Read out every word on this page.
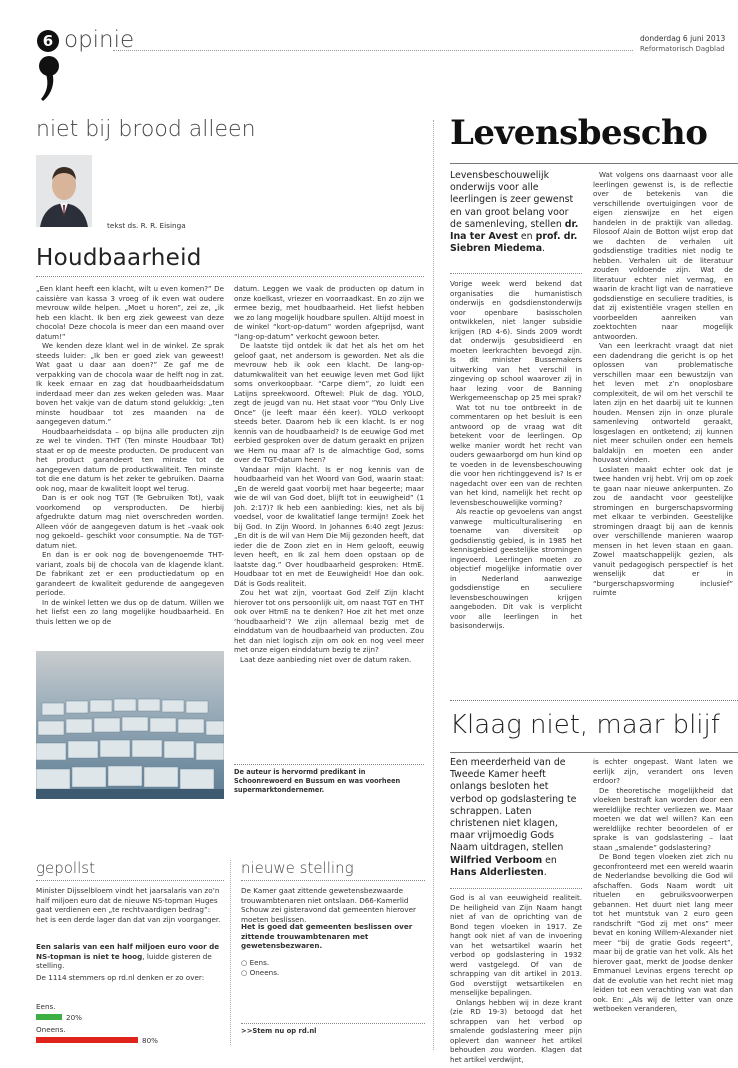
6 opinie	donderdag 6 juni 2013
Reformatorisch Dagblad
niet bij brood alleen
tekst ds. R. R. Eisinga
Houdbaarheid

„Een klant heeft een klacht, wilt u even komen?” De caissière van kassa 3 vroeg of ik even wat oudere mevrouw wilde helpen. „Moet u horen”, zei ze, „ik heb een klacht. Ik ben erg ziek geweest van deze chocola! Deze chocola is meer dan een maand over datum!”

We kenden deze klant wel in de winkel. Ze sprak steeds luider: „Ik ben er goed ziek van geweest! Wat gaat u daar aan doen?” Ze gaf me de verpakking van de chocola waar de helft nog in zat. Ik keek ernaar en zag dat houdbaarheidsdatum inderdaad meer dan zes weken geleden was. Maar boven het vakje van de datum stond gelukkig: „ten minste houdbaar tot zes maanden na de aangegeven datum.”

Houdbaarheidsdata – op bijna alle producten zijn ze wel te vinden. THT (Ten minste Houdbaar Tot) staat er op de meeste producten. De producent van het product garandeert ten minste tot de aangegeven datum de productkwaliteit. Ten minste tot die ene datum is het zeker te gebruiken. Daarna ook nog, maar de kwaliteit loopt wel terug.

Dan is er ook nog TGT (Te Gebruiken Tot), vaak voorkomend op versproducten. De hierbij afgedrukte datum mag niet overschreden worden. Alleen vóór de aangegeven datum is het –vaak ook nog gekoeld– geschikt voor consumptie. Na de TGT-datum niet.

En dan is er ook nog de bovengenoemde THT-variant, zoals bij de chocola van de klagende klant. De fabrikant zet er een productiedatum op en garandeert de kwaliteit gedurende de aangegeven periode.

In de winkel letten we dus op de datum. Willen we het liefst een zo lang mogelijke houdbaarheid. En thuis letten we op de

datum. Leggen we vaak de producten op datum in onze koelkast, vriezer en voorraadkast. En zo zijn we ermee bezig, met houdbaarheid. Het liefst hebben we zo lang mogelijk houdbare spullen. Altijd moest in de winkel “kort-op-datum” worden afgeprijsd, want “lang-op-datum” verkocht gewoon beter.

De laatste tijd ontdek ik dat het als het om het geloof gaat, net andersom is geworden. Net als die mevrouw heb ik ook een klacht. De lang-op-datumkwaliteit van het eeuwige leven met God lijkt soms onverkoopbaar. “Carpe diem”, zo luidt een Latijns spreekwoord. Oftewel: Pluk de dag. YOLO, zegt de jeugd van nu. Het staat voor “You Only Live Once” (je leeft maar één keer). YOLO verkoopt steeds beter. Daarom heb ik een klacht. Is er nog kennis van de houdbaarheid? Is de eeuwige God met eerbied gesproken over de datum geraakt en prijzen we Hem nu maar af? Is de almachtige God, soms over de TGT-datum heen?

Vandaar mijn klacht. Is er nog kennis van de houdbaarheid van het Woord van God, waarin staat: „En de wereld gaat voorbij met haar begeerte; maar wie de wil van God doet, blijft tot in eeuwigheid” (1 Joh. 2:17)? Ik heb een aanbieding: kies, net als bij voedsel, voor de kwalitatief lange termijn! Zoek het bij God. In Zijn Woord. In Johannes 6:40 zegt Jezus: „En dit is de wil van Hem Die Mij gezonden heeft, dat ieder die de Zoon ziet en in Hem gelooft, eeuwig leven heeft, en Ik zal hem doen opstaan op de laatste dag.” Over houdbaarheid gesproken: HtmE. Houdbaar tot en met de Eeuwigheid! Hoe dan ook. Dát is Gods realiteit.

Zou het wat zijn, voortaat God Zelf Zijn klacht hierover tot ons persoonlijk uit, om naast TGT en THT ook over HtmE na te denken? Hoe zit het met onze ‘houdbaarheid’? We zijn allemaal bezig met de einddatum van de houdbaarheid van producten. Zou het dan niet logisch zijn om ook en nog veel meer met onze eigen einddatum bezig te zijn?

Laat deze aanbieding niet over de datum raken.

De auteur is hervormd predikant in Schoonrewoerd en Bussum en was voorheen supermarktondernemer.
gepollst
Minister Dijsselbloem vindt het jaarsalaris van zo’n half miljoen euro dat de nieuwe NS-topman Huges gaat verdienen een „te rechtvaardigen bedrag”: het is een derde lager dan dat van zijn voorganger.
Een salaris van een half miljoen euro voor de NS-topman is niet te hoog, luidde gisteren de stelling.
De 1114 stemmers op rd.nl denken er zo over:
Eens.
20%
Oneens.
80%
nieuwe stelling
De Kamer gaat zittende gewetensbezwaarde trouwambtenaren niet ontslaan. D66-Kamerlid Schouw zei gisteravond dat gemeenten hierover moeten beslissen.
Het is goed dat gemeenten beslissen over zittende trouwambtenaren met gewetensbezwaren.
○ Eens.
○ Oneens.
>>Stem nu op rd.nl
Levensbescho
Levensbeschouwelijk onderwijs voor alle leerlingen is zeer gewenst en van groot belang voor de samenleving, stellen dr. Ina ter Avest en prof. dr. Siebren Miedema.

Vorige week werd bekend dat organisaties die humanistisch onderwijs en godsdienstonderwijs voor openbare basisscholen ontwikkelen, niet langer subsidie krijgen (RD 4-6). Sinds 2009 wordt dat onderwijs gesubsidieerd en moeten leerkrachten bevoegd zijn. Is dit minister Bussemakers uitwerking van het verschil in zingeving op school waarover zij in haar lezing voor de Banning Werkgemeenschap op 25 mei sprak?

Wat tot nu toe ontbreekt in de commentaren op het besluit is een antwoord op de vraag wat dit betekent voor de leerlingen. Op welke manier wordt het recht van ouders gewaarborgd om hun kind op te voeden in de levensbeschouwing die voor hen richtinggevend is? Is er nagedacht over een van de rechten van het kind, namelijk het recht op levensbeschouwelijke vorming?

Als reactie op gevoelens van angst vanwege multiculturalisering en toename van diversiteit op godsdienstig gebied, is in 1985 het kennisgebied geestelijke stromingen ingevoerd. Leerlingen moeten zo objectief mogelijke informatie over in Nederland aanwezige godsdienstige en seculiere levensbeschouwingen krijgen aangeboden. Dit vak is verplicht voor alle leerlingen in het basisonderwijs.

Wat volgens ons daarnaast voor alle leerlingen gewenst is, is de reflectie over de betekenis van die verschillende overtuigingen voor de eigen zienswijze en het eigen handelen in de praktijk van alledag. Filosoof Alain de Botton wijst erop dat we dachten de verhalen uit godsdienstige tradities niet nodig te hebben. Verhalen uit de literatuur zouden voldoende zijn. Wat de literatuur echter niet vermag, en waarin de kracht ligt van de narratieve godsdienstige en seculiere tradities, is dat zij existentiële vragen stellen en voorbeelden aanreiken van zoektochten naar mogelijk antwoorden.

Van een leerkracht vraagt dat niet een dadendrang die gericht is op het oplossen van problematische verschillen maar een bewustzijn van het leven met z’n onoplosbare complexiteit, de wil om het verschil te laten zijn en het daarbij uit te kunnen houden. Mensen zijn in onze plurale samenleving ontworteld geraakt, losgeslagen en ontketend; zij kunnen niet meer schuilen onder een hemels baldakijn en moeten een ander houvast vinden.

Loslaten maakt echter ook dat je twee handen vrij hebt. Vrij om op zoek te gaan naar nieuwe ankerpunten. Zo zou de aandacht voor geestelijke stromingen en burgerschapsvorming met elkaar te verbinden. Geestelijke stromingen draagt bij aan de kennis over verschillende manieren waarop mensen in het leven staan en gaan. Zowel maatschappelijk gezien, als vanuit pedagogisch perspectief is het wenselijk dat er in “burgerschapsvorming inclusief” ruimte

Klaag niet, maar blijf
Een meerderheid van de Tweede Kamer heeft onlangs besloten het verbod op godslastering te schrappen. Laten christenen niet klagen, maar vrijmoedig Gods Naam uitdragen, stellen Wilfried Verboom en Hans Alderliesten.

God is al van eeuwigheid realiteit. De heiligheid van Zijn Naam hangt niet af van de oprichting van de Bond tegen vloeken in 1917. Ze hangt ook niet af van de invoering van het wetsartikel waarin het verbod op godslastering in 1932 werd vastgelegd. Of van de schrapping van dit artikel in 2013. God overstijgt wetsartikelen en menselijke bepalingen.

Onlangs hebben wij in deze krant (zie RD 19-3) betoogd dat het schrappen van het verbod op smalende godslastering meer pijn oplevert dan wanneer het artikel behouden zou worden. Klagen dat het artikel verdwijnt,

is echter ongepast. Want laten we eerlijk zijn, verandert ons leven erdoor?

De theoretische mogelijkheid dat vloeken bestraft kan worden door een wereldlijke rechter verliezen we. Maar moeten we dat wel willen? Kan een wereldlijke rechter beoordelen of er sprake is van godslastering – laat staan „smalende” godslastering?

De Bond tegen vloeken ziet zich nu geconfronteerd met een wereld waarin de Nederlandse bevolking die God wil afschaffen. Gods Naam wordt uit rituelen en gebruiksvoorwerpen gebannen. Het duurt niet lang meer tot het muntstuk van 2 euro geen randschrift “God zij met ons” meer bevat en koning Willem-Alexander niet meer “bij de gratie Gods regeert”, maar bij de gratie van het volk. Als het hierover gaat, merkt de Joodse denker Emmanuel Levinas ergens terecht op dat de evolutie van het recht niet mag leiden tot een verachting van wat dan ook. En: „Als wij de letter van onze wetboeken veranderen,
